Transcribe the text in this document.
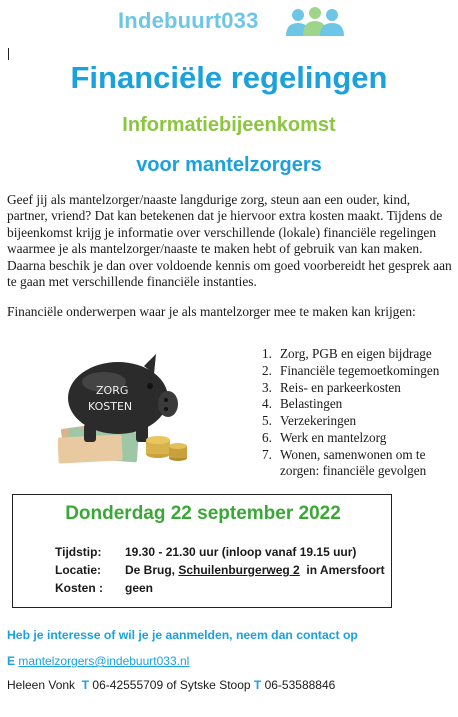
Indebuurt033
Financiële regelingen
Informatiebijeenkomst
voor mantelzorgers
Geef jij als mantelzorger/naaste langdurige zorg, steun aan een ouder, kind, partner, vriend? Dat kan betekenen dat je hiervoor extra kosten maakt. Tijdens de bijeenkomst krijg je informatie over verschillende (lokale) financiële regelingen waarmee je als mantelzorger/naaste te maken hebt of gebruik van kan maken. Daarna beschik je dan over voldoende kennis om goed voorbereidt het gesprek aan te gaan met verschillende financiële instanties.
Financiële onderwerpen waar je als mantelzorger mee te maken kan krijgen:
ZORG
KOSTEN
1. Zorg, PGB en eigen bijdrage
2. Financiële tegemoetkomingen
3. Reis- en parkeerkosten
4. Belastingen
5. Verzekeringen
6. Werk en mantelzorg
7. Wonen, samenwonen om te zorgen: financiële gevolgen
Donderdag 22 september 2022
Tijdstip: 19.30 - 21.30 uur (inloop vanaf 19.15 uur)
Locatie: De Brug, Schuilenburgerweg 2  in Amersfoort
Kosten : geen
Heb je interesse of wil je je aanmelden, neem dan contact op
E mantelzorgers@indebuurt033.nl
Heleen Vonk T 06-42555709 of Sytske Stoop T 06-53588846
